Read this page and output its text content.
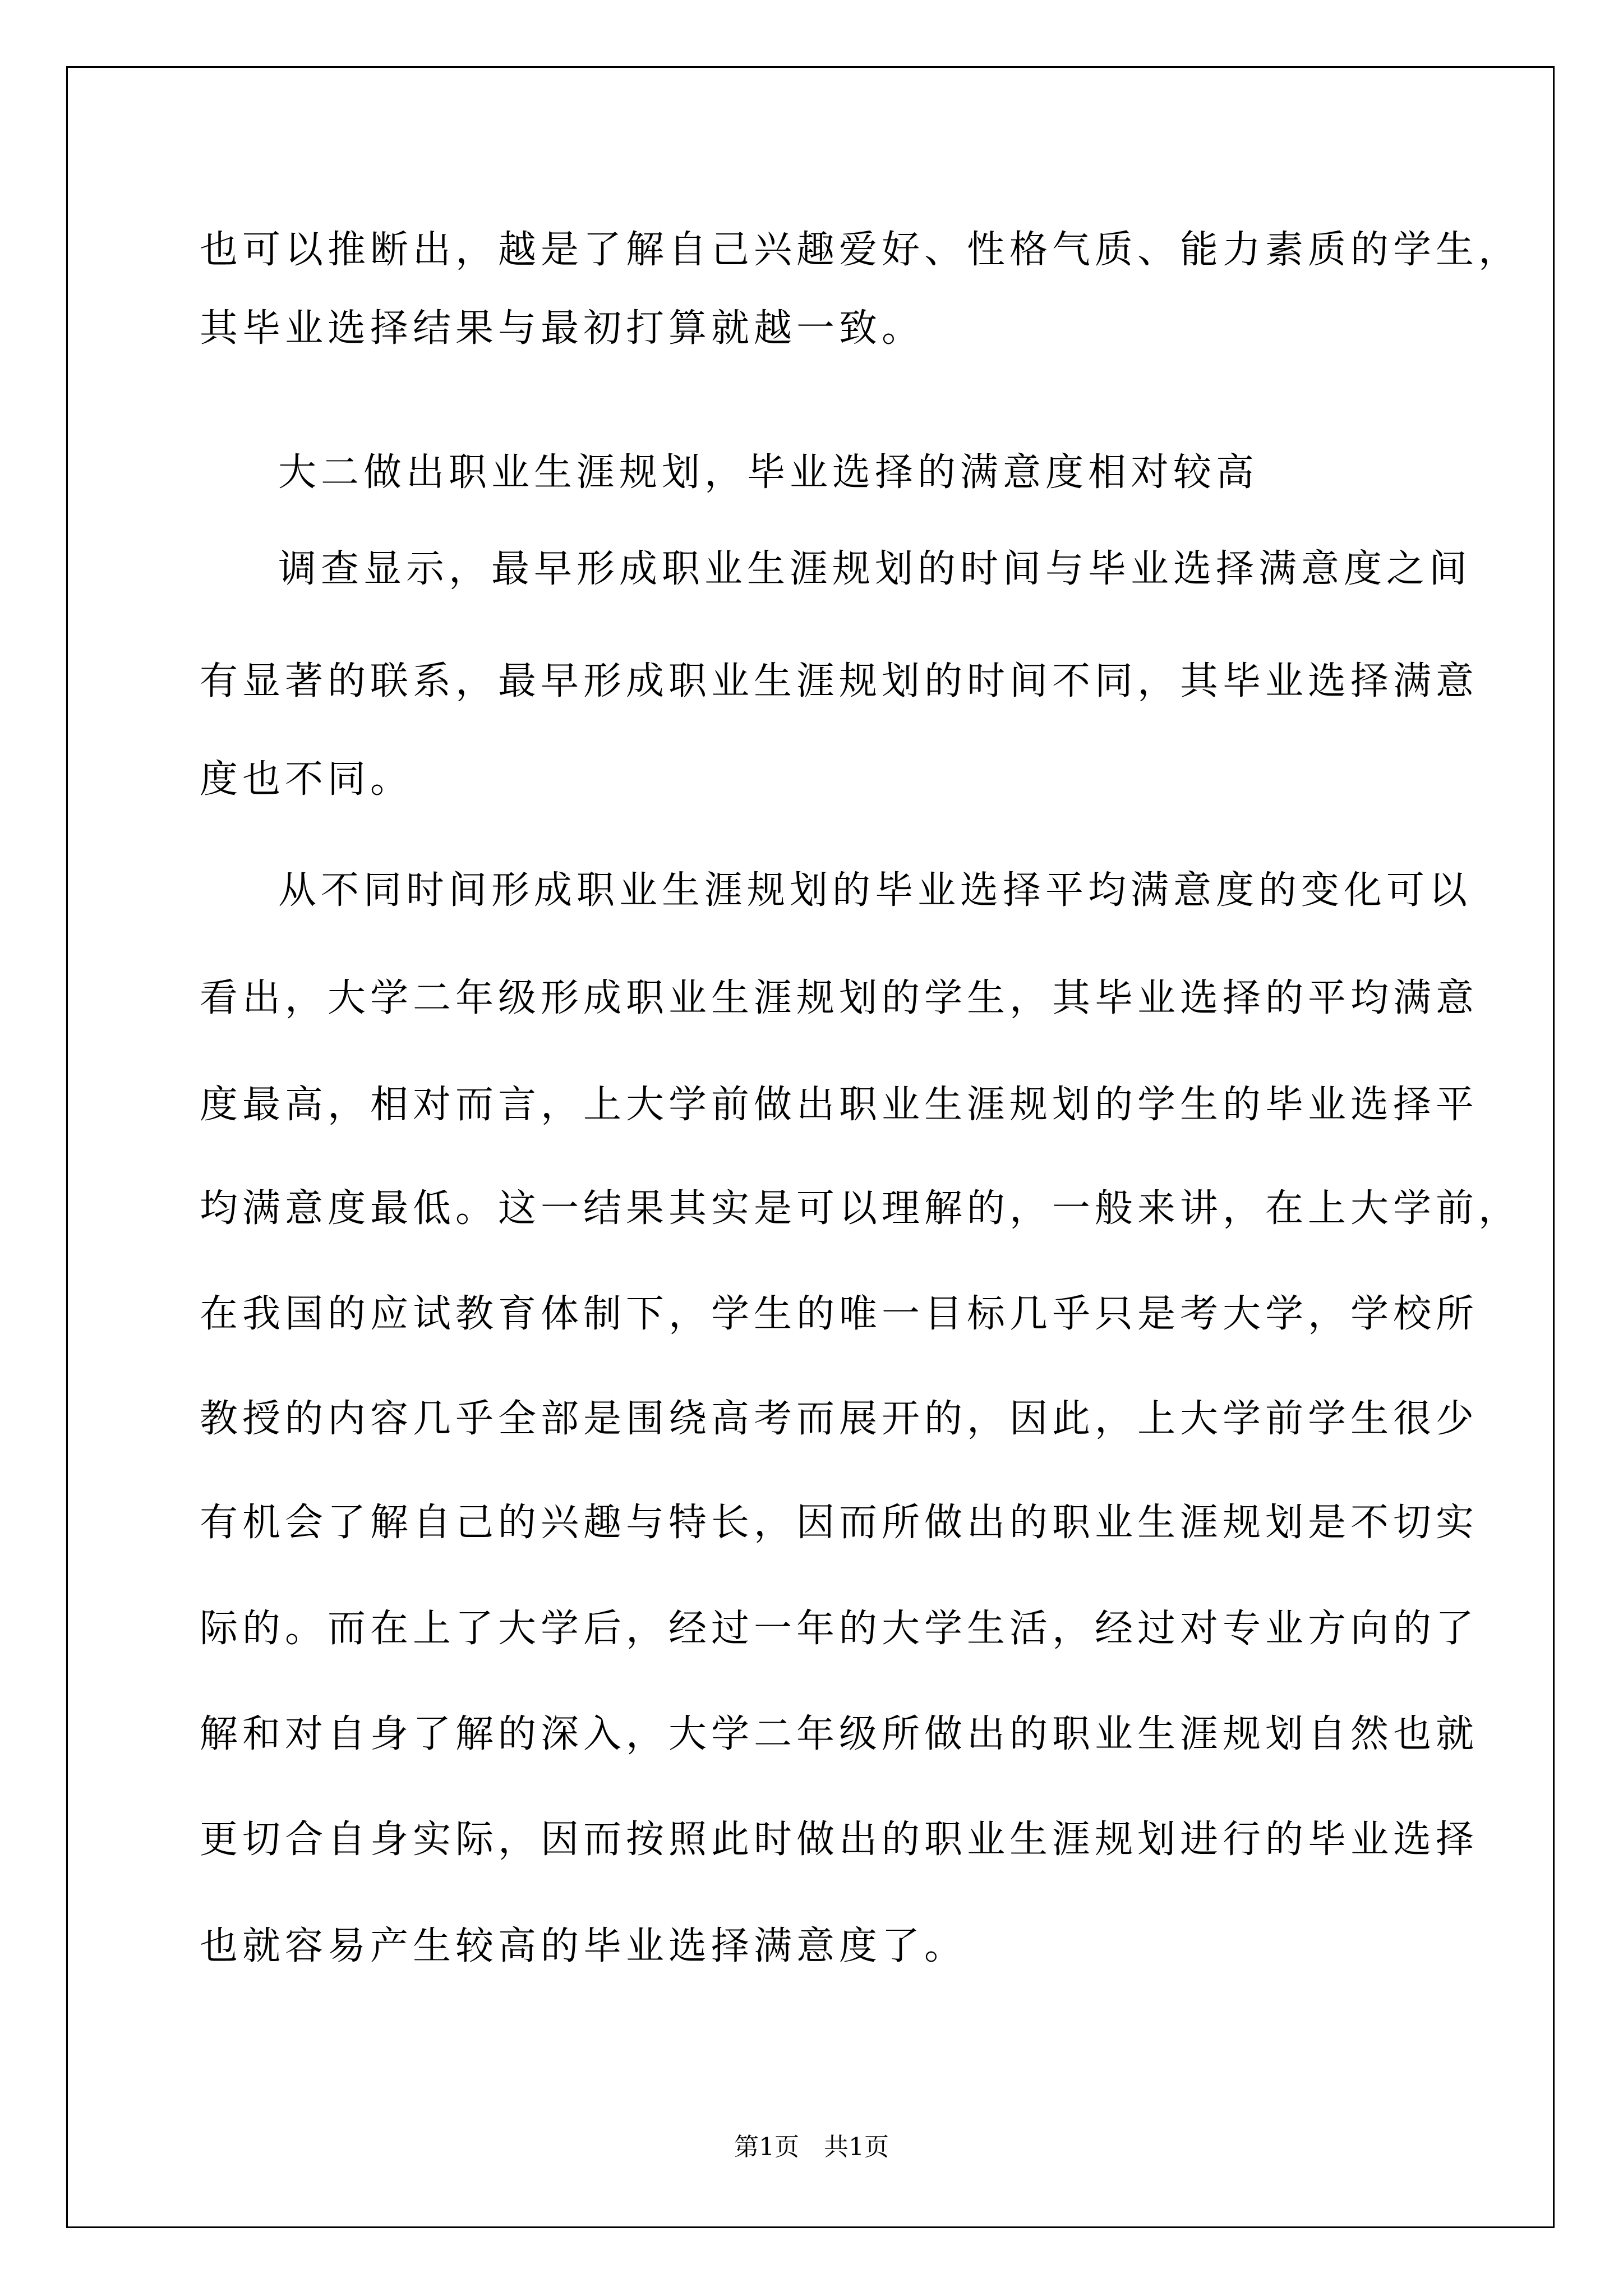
也可以推断出，越是了解自己兴趣爱好、性格气质、能力素质的学生，
其毕业选择结果与最初打算就越一致。
大二做出职业生涯规划，毕业选择的满意度相对较高
调查显示，最早形成职业生涯规划的时间与毕业选择满意度之间
有显著的联系，最早形成职业生涯规划的时间不同，其毕业选择满意
度也不同。
从不同时间形成职业生涯规划的毕业选择平均满意度的变化可以
看出，大学二年级形成职业生涯规划的学生，其毕业选择的平均满意
度最高，相对而言，上大学前做出职业生涯规划的学生的毕业选择平
均满意度最低。这一结果其实是可以理解的，一般来讲，在上大学前，
在我国的应试教育体制下，学生的唯一目标几乎只是考大学，学校所
教授的内容几乎全部是围绕高考而展开的，因此，上大学前学生很少
有机会了解自己的兴趣与特长，因而所做出的职业生涯规划是不切实
际的。而在上了大学后，经过一年的大学生活，经过对专业方向的了
解和对自身了解的深入，大学二年级所做出的职业生涯规划自然也就
更切合自身实际，因而按照此时做出的职业生涯规划进行的毕业选择
也就容易产生较高的毕业选择满意度了。
第1页　共1页
